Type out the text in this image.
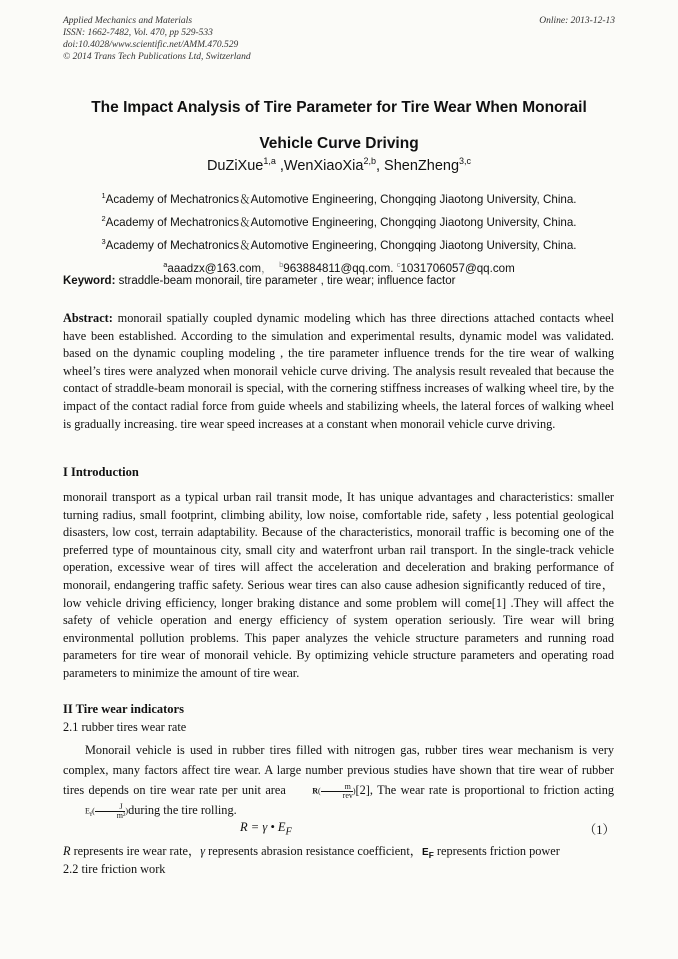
Applied Mechanics and Materials
ISSN: 1662-7482, Vol. 470, pp 529-533
doi:10.4028/www.scientific.net/AMM.470.529
© 2014 Trans Tech Publications Ltd, Switzerland
Online: 2013-12-13
The Impact Analysis of Tire Parameter for Tire Wear When Monorail
Vehicle Curve Driving
DuZiXue$^{1,a}$ ,WenXiaoXia$^{2,b}$, ShenZheng$^{3,c}$
$^1$Academy of Mechatronics＆Automotive Engineering, Chongqing Jiaotong University, China.
$^2$Academy of Mechatronics＆Automotive Engineering, Chongqing Jiaotong University, China.
$^3$Academy of Mechatronics＆Automotive Engineering, Chongqing Jiaotong University, China.
$^a$aaadzx@163.com， $^b$963884811@qq.com. $^c$1031706057@qq.com
Keyword: straddle-beam monorail, tire parameter , tire wear; influence factor
Abstract: monorail spatially coupled dynamic modeling which has three directions attached contacts wheel have been established. According to the simulation and experimental results, dynamic model was validated. based on the dynamic coupling modeling , the tire parameter influence trends for the tire wear of walking wheel’s tires were analyzed when monorail vehicle curve driving. The analysis result revealed that because the contact of straddle-beam monorail is special, with the cornering stiffness increases of walking wheel tire, by the impact of the contact radial force from guide wheels and stabilizing wheels, the lateral forces of walking wheel is gradually increasing. tire wear speed increases at a constant when monorail vehicle curve driving.
I Introduction
monorail transport as a typical urban rail transit mode, It has unique advantages and characteristics: smaller turning radius, small footprint, climbing ability, low noise, comfortable ride, safety , less potential geological disasters, low cost, terrain adaptability. Because of the characteristics, monorail traffic is becoming one of the preferred type of mountainous city, small city and waterfront urban rail transport. In the single-track vehicle operation, excessive wear of tires will affect the acceleration and deceleration and braking performance of monorail, endangering traffic safety. Serious wear tires can also cause adhesion significantly reduced of tire， low vehicle driving efficiency, longer braking distance and some problem will come[1] .They will affect the safety of vehicle operation and energy efficiency of system operation seriously. Tire wear will bring environmental pollution problems. This paper analyzes the vehicle structure parameters and running road parameters for tire wear of monorail vehicle. By optimizing vehicle structure parameters and operating road parameters to minimize the amount of tire wear.
II Tire wear indicators
2.1 rubber tires wear rate
Monorail vehicle is used in rubber tires filled with nitrogen gas, rubber tires wear mechanism is very complex, many factors affect tire wear. A large number previous studies have shown that tire wear of rubber tires depends on tire wear rate per unit area	$R( \frac{m}{\text{rev}} )[2]$, The wear rate is proportional to friction acting $E_f( \frac{J}{\text{m²}}$ )during the tire rolling.
R = γ • $E_F$	（1）
R represents ire wear rate，γ represents abrasion resistance coefficient，$E_F$ represents friction power
2.2 tire friction work
